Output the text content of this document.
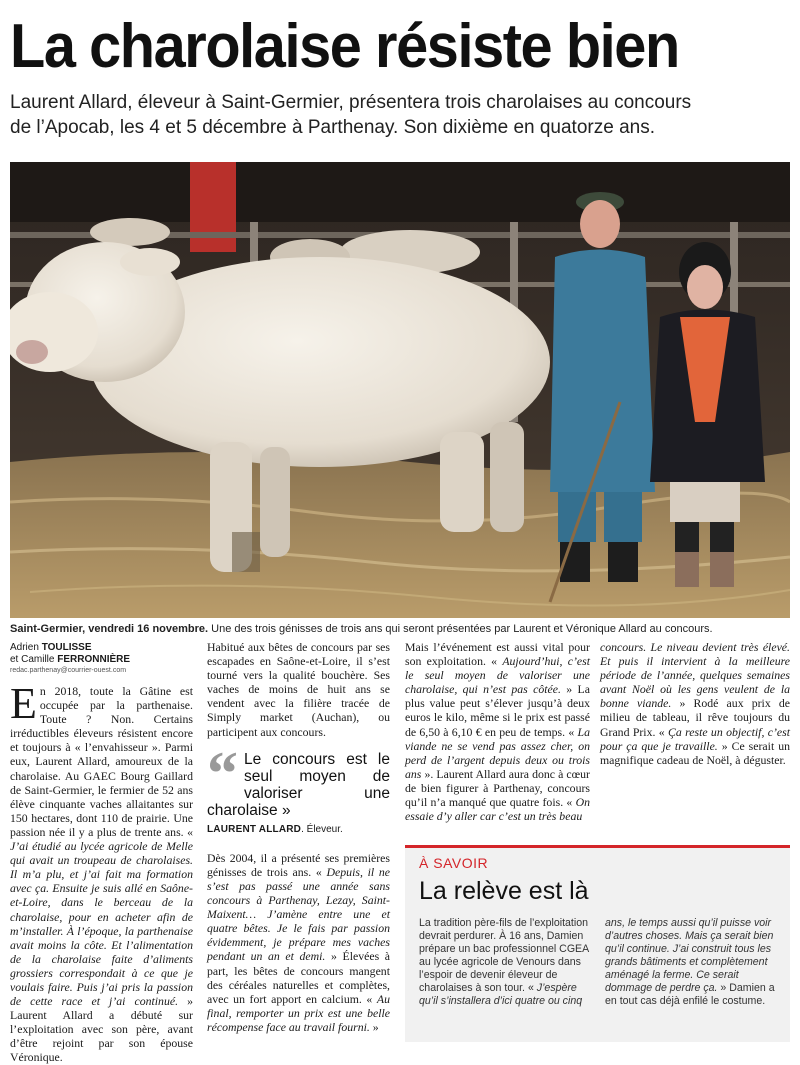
La charolaise résiste bien
Laurent Allard, éleveur à Saint-Germier, présentera trois charolaises au concours
de l’Apocab, les 4 et 5 décembre à Parthenay. Son dixième en quatorze ans.
Saint-Germier, vendredi 16 novembre. Une des trois génisses de trois ans qui seront présentées par Laurent et Véronique Allard au concours.
Adrien TOULISSE
et Camille FERRONNIÈRE
redac.parthenay@courrier-ouest.com

En 2018, toute la Gâtine est occupée par la parthenaise. Toute ? Non. Certains irréductibles éleveurs résistent encore et toujours à « l’envahisseur ». Parmi eux, Laurent Allard, amoureux de la charolaise. Au GAEC Bourg Gaillard de Saint-Germier, le fermier de 52 ans élève cinquante vaches allaitantes sur 150 hectares, dont 110 de prairie. Une passion née il y a plus de trente ans. « J’ai étudié au lycée agricole de Melle qui avait un troupeau de charolaises. Il m’a plu, et j’ai fait ma formation avec ça. Ensuite je suis allé en Saône-et-Loire, dans le berceau de la charolaise, pour en acheter afin de m’installer. À l’époque, la parthenaise avait moins la côte. Et l’alimentation de la charolaise faite d’aliments grossiers correspondait à ce que je voulais faire. Puis j’ai pris la passion de cette race et j’ai continué. » Laurent Allard a débuté sur l’exploitation avec son père, avant d’être rejoint par son épouse Véronique.

Habitué aux bêtes de concours par ses escapades en Saône-et-Loire, il s’est tourné vers la qualité bouchère. Ses vaches de moins de huit ans se vendent avec la filière tracée de Simply market (Auchan), ou participent aux concours.

“ Le concours est le seul moyen de valoriser une charolaise »
LAURENT ALLARD. Éleveur.

Dès 2004, il a présenté ses premières génisses de trois ans. « Depuis, il ne s’est pas passé une année sans concours à Parthenay, Lezay, Saint-Maixent… J’amène entre une et quatre bêtes. Je le fais par passion évidemment, je prépare mes vaches pendant un an et demi. » Élevées à part, les bêtes de concours mangent des céréales naturelles et complètes, avec un fort apport en calcium. « Au final, remporter un prix est une belle récompense face au travail fourni. »

À SAVOIR
La relève est là
La tradition père-fils de l’exploitation devrait perdurer. À 16 ans, Damien prépare un bac professionnel CGEA au lycée agricole de Venours dans l’espoir de devenir éleveur de charolaises à son tour. « J’espère qu’il s’installera d’ici quatre ou cinq
ans, le temps aussi qu’il puisse voir d’autres choses. Mais ça serait bien qu’il continue. J’ai construit tous les grands bâtiments et complètement aménagé la ferme. Ce serait dommage de perdre ça. » Damien a en tout cas déjà enfilé le costume.

Mais l’événement est aussi vital pour son exploitation. « Aujourd’hui, c’est le seul moyen de valoriser une charolaise, qui n’est pas côtée. » La plus value peut s’élever jusqu’à deux euros le kilo, même si le prix est passé de 6,50 à 6,10 € en peu de temps. « La viande ne se vend pas assez cher, on perd de l’argent depuis deux ou trois ans ». Laurent Allard aura donc à cœur de bien figurer à Parthenay, concours qu’il n’a manqué que quatre fois. « On essaie d’y aller car c’est un très beau

concours. Le niveau devient très élevé. Et puis il intervient à la meilleure période de l’année, quelques semaines avant Noël où les gens veulent de la bonne viande. » Rodé aux prix de milieu de tableau, il rêve toujours du Grand Prix. « Ça reste un objectif, c’est pour ça que je travaille. » Ce serait un magnifique cadeau de Noël, à déguster.
